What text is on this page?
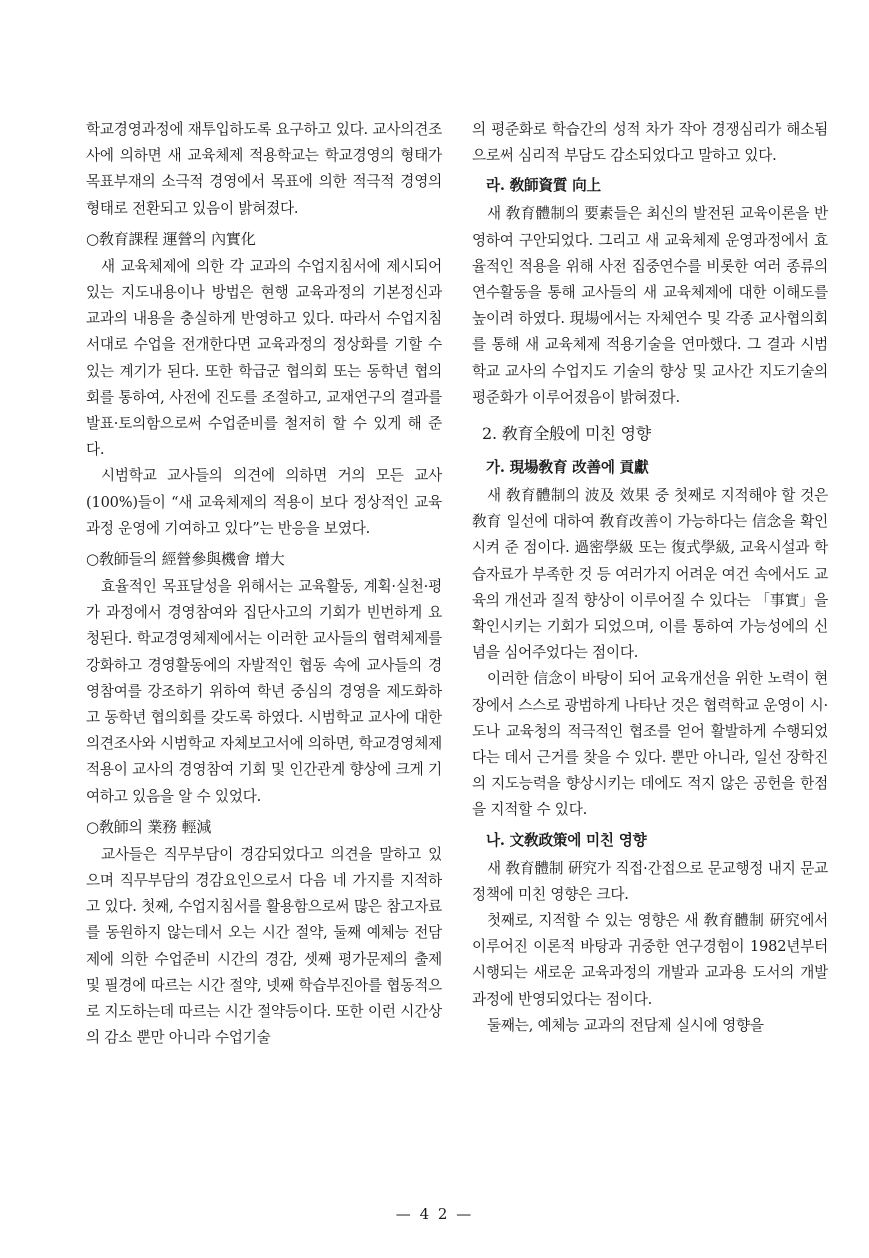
학교경영과정에 재투입하도록 요구하고 있다. 교사의견조사에 의하면 새 교육체제 적용학교는 학교경영의 형태가 목표부재의 소극적 경영에서 목표에 의한 적극적 경영의 형태로 전환되고 있음이 밝혀졌다.

○敎育課程 運營의 內實化

새 교육체제에 의한 각 교과의 수업지침서에 제시되어 있는 지도내용이나 방법은 현행 교육과정의 기본정신과 교과의 내용을 충실하게 반영하고 있다. 따라서 수업지침서대로 수업을 전개한다면 교육과정의 정상화를 기할 수 있는 계기가 된다. 또한 학급군 협의회 또는 동학년 협의회를 통하여, 사전에 진도를 조절하고, 교재연구의 결과를 발표·토의함으로써 수업준비를 철저히 할 수 있게 해 준다.

시범학교 교사들의 의견에 의하면 거의 모든 교사(100%)들이 “새 교육체제의 적용이 보다 정상적인 교육과정 운영에 기여하고 있다”는 반응을 보였다.

○敎師들의 經營參與機會 增大

효율적인 목표달성을 위해서는 교육활동, 계획·실천·평가 과정에서 경영참여와 집단사고의 기회가 빈번하게 요청된다. 학교경영체제에서는 이러한 교사들의 협력체제를 강화하고 경영활동에의 자발적인 협동 속에 교사들의 경영참여를 강조하기 위하여 학년 중심의 경영을 제도화하고 동학년 협의회를 갖도록 하였다. 시범학교 교사에 대한 의견조사와 시범학교 자체보고서에 의하면, 학교경영체제 적용이 교사의 경영참여 기회 및 인간관계 향상에 크게 기여하고 있음을 알 수 있었다.

○敎師의 業務 輕減

교사들은 직무부담이 경감되었다고 의견을 말하고 있으며 직무부담의 경감요인으로서 다음 네 가지를 지적하고 있다. 첫째, 수업지침서를 활용함으로써 많은 참고자료를 동원하지 않는데서 오는 시간 절약, 둘째 예체능 전담제에 의한 수업준비 시간의 경감, 셋째 평가문제의 출제 및 필경에 따르는 시간 절약, 넷째 학습부진아를 협동적으로 지도하는데 따르는 시간 절약등이다. 또한 이런 시간상의 감소 뿐만 아니라 수업기술

의 평준화로 학습간의 성적 차가 작아 경쟁심리가 해소됨으로써 심리적 부담도 감소되었다고 말하고 있다.

라. 敎師資質 向上

새 敎育體制의 要素들은 최신의 발전된 교육이론을 반영하여 구안되었다. 그리고 새 교육체제 운영과정에서 효율적인 적용을 위해 사전 집중연수를 비롯한 여러 종류의 연수활동을 통해 교사들의 새 교육체제에 대한 이해도를 높이려 하였다. 現場에서는 자체연수 및 각종 교사협의회를 통해 새 교육체제 적용기술을 연마했다. 그 결과 시범학교 교사의 수업지도 기술의 향상 및 교사간 지도기술의 평준화가 이루어졌음이 밝혀졌다.

2. 敎育全般에 미친 영향
가. 現場敎育 改善에 貢獻

새 敎育體制의 波及 效果 중 첫째로 지적해야 할 것은 敎育 일선에 대하여 敎育改善이 가능하다는 信念을 확인시켜 준 점이다. 過密學級 또는 復式學級, 교육시설과 학습자료가 부족한 것 등 여러가지 어려운 여건 속에서도 교육의 개선과 질적 향상이 이루어질 수 있다는 「事實」을 확인시키는 기회가 되었으며, 이를 통하여 가능성에의 신념을 심어주었다는 점이다.

이러한 信念이 바탕이 되어 교육개선을 위한 노력이 현장에서 스스로 광범하게 나타난 것은 협력학교 운영이 시·도나 교육청의 적극적인 협조를 얻어 활발하게 수행되었다는 데서 근거를 찾을 수 있다. 뿐만 아니라, 일선 장학진의 지도능력을 향상시키는 데에도 적지 않은 공헌을 한점을 지적할 수 있다.

나. 文敎政策에 미친 영향

새 敎育體制 硏究가 직접·간접으로 문교행정 내지 문교정책에 미친 영향은 크다.

첫째로, 지적할 수 있는 영향은 새 敎育體制 硏究에서 이루어진 이론적 바탕과 귀중한 연구경험이 1982년부터 시행되는 새로운 교육과정의 개발과 교과용 도서의 개발과정에 반영되었다는 점이다.

둘째는, 예체능 교과의 전담제 실시에 영향을

— 4 2 —
